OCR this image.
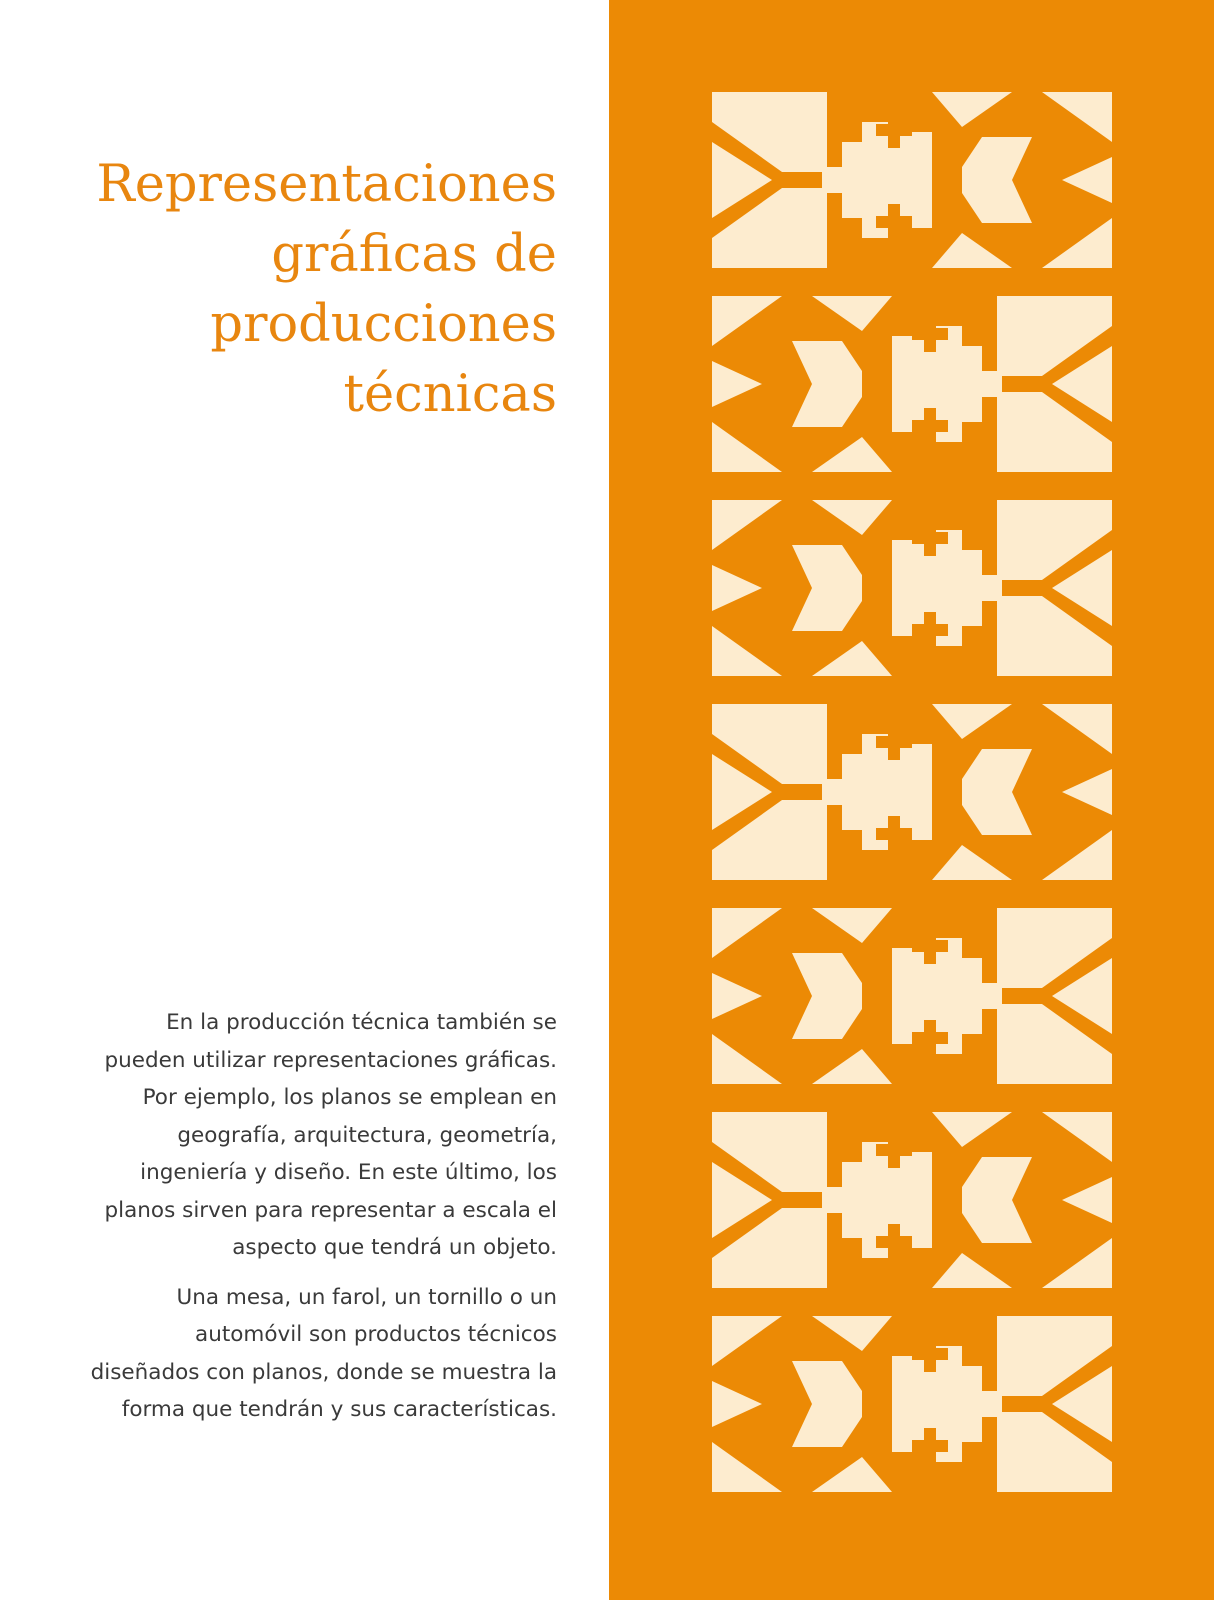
Representaciones gráficas de producciones técnicas

En la producción técnica también se pueden utilizar representaciones gráficas. Por ejemplo, los planos se emplean en geografía, arquitectura, geometría, ingeniería y diseño. En este último, los planos sirven para representar a escala el aspecto que tendrá un objeto.

Una mesa, un farol, un tornillo o un automóvil son productos técnicos diseñados con planos, donde se muestra la forma que tendrán y sus características.
